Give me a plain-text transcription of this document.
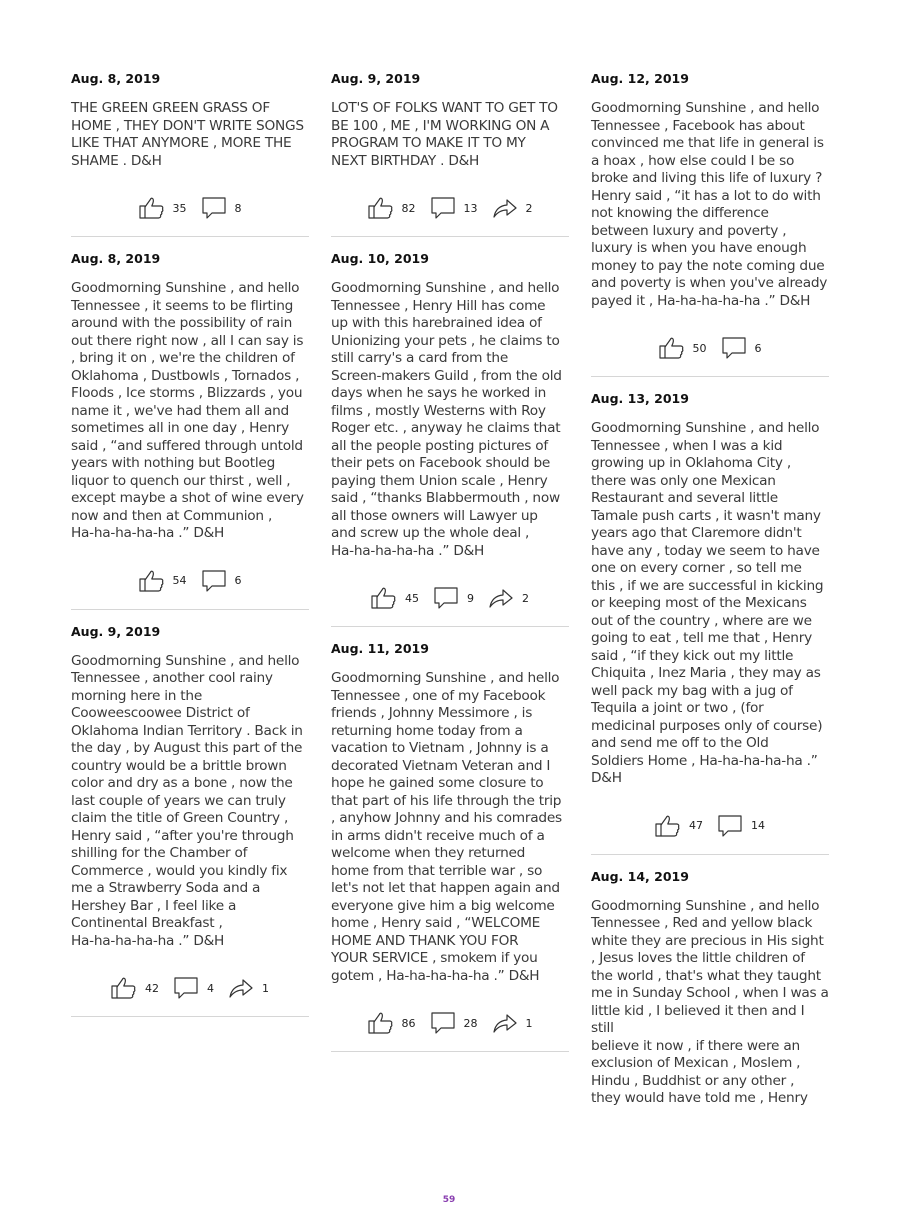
Aug. 8, 2019

THE GREEN GREEN GRASS OF
HOME , THEY DON'T WRITE SONGS
LIKE THAT ANYMORE , MORE THE
SHAME . D&H

35	8
Aug. 8, 2019

Goodmorning Sunshine , and hello
Tennessee , it seems to be flirting
around with the possibility of rain
out there right now , all I can say is
, bring it on , we're the children of
Oklahoma , Dustbowls , Tornados ,
Floods , Ice storms , Blizzards , you
name it , we've had them all and
sometimes all in one day , Henry
said , “and suffered through untold
years with nothing but Bootleg
liquor to quench our thirst , well ,
except maybe a shot of wine every
now and then at Communion ,
Ha-ha-ha-ha-ha .” D&H

54	6
Aug. 9, 2019

Goodmorning Sunshine , and hello
Tennessee , another cool rainy
morning here in the
Cooweescoowee District of
Oklahoma Indian Territory . Back in
the day , by August this part of the
country would be a brittle brown
color and dry as a bone , now the
last couple of years we can truly
claim the title of Green Country ,
Henry said , “after you're through
shilling for the Chamber of
Commerce , would you kindly fix
me a Strawberry Soda and a
Hershey Bar , I feel like a
Continental Breakfast ,
Ha-ha-ha-ha-ha .” D&H

42	4	1
Aug. 9, 2019

LOT'S OF FOLKS WANT TO GET TO
BE 100 , ME , I'M WORKING ON A
PROGRAM TO MAKE IT TO MY
NEXT BIRTHDAY . D&H

82	13	2
Aug. 10, 2019

Goodmorning Sunshine , and hello
Tennessee , Henry Hill has come
up with this harebrained idea of
Unionizing your pets , he claims to
still carry's a card from the
Screen-makers Guild , from the old
days when he says he worked in
films , mostly Westerns with Roy
Roger etc. , anyway he claims that
all the people posting pictures of
their pets on Facebook should be
paying them Union scale , Henry
said , “thanks Blabbermouth , now
all those owners will Lawyer up
and screw up the whole deal ,
Ha-ha-ha-ha-ha .” D&H

45	9	2
Aug. 11, 2019

Goodmorning Sunshine , and hello
Tennessee , one of my Facebook
friends , Johnny Messimore , is
returning home today from a
vacation to Vietnam , Johnny is a
decorated Vietnam Veteran and I
hope he gained some closure to
that part of his life through the trip
, anyhow Johnny and his comrades
in arms didn't receive much of a
welcome when they returned
home from that terrible war , so
let's not let that happen again and
everyone give him a big welcome
home , Henry said , “WELCOME
HOME AND THANK YOU FOR
YOUR SERVICE , smokem if you
gotem , Ha-ha-ha-ha-ha .” D&H

86	28	1
Aug. 12, 2019

Goodmorning Sunshine , and hello
Tennessee , Facebook has about
convinced me that life in general is
a hoax , how else could I be so
broke and living this life of luxury ?
Henry said , “it has a lot to do with
not knowing the difference
between luxury and poverty ,
luxury is when you have enough
money to pay the note coming due
and poverty is when you've already
payed it , Ha-ha-ha-ha-ha .” D&H

50	6
Aug. 13, 2019

Goodmorning Sunshine , and hello
Tennessee , when I was a kid
growing up in Oklahoma City ,
there was only one Mexican
Restaurant and several little
Tamale push carts , it wasn't many
years ago that Claremore didn't
have any , today we seem to have
one on every corner , so tell me
this , if we are successful in kicking
or keeping most of the Mexicans
out of the country , where are we
going to eat , tell me that , Henry
said , “if they kick out my little
Chiquita , Inez Maria , they may as
well pack my bag with a jug of
Tequila a joint or two , (for
medicinal purposes only of course)
and send me off to the Old
Soldiers Home , Ha-ha-ha-ha-ha .”
D&H

47	14
Aug. 14, 2019

Goodmorning Sunshine , and hello
Tennessee , Red and yellow black
white they are precious in His sight
, Jesus loves the little children of
the world , that's what they taught
me in Sunday School , when I was a
little kid , I believed it then and I still
believe it now , if there were an
exclusion of Mexican , Moslem ,
Hindu , Buddhist or any other ,
they would have told me , Henry

59
